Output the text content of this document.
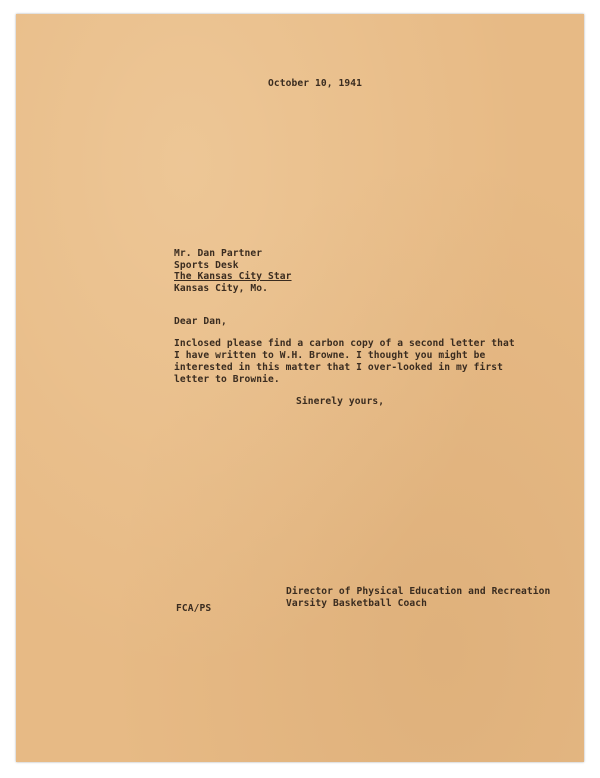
October 10, 1941
Mr. Dan Partner
Sports Desk
The Kansas City Star
Kansas City, Mo.
Dear Dan,
Inclosed please find a carbon copy of a second letter that
I have written to W.H. Browne. I thought you might be
interested in this matter that I over-looked in my first
letter to Brownie.
Sinerely yours,
FCA/PS
Director of Physical Education and Recreation
Varsity Basketball Coach
